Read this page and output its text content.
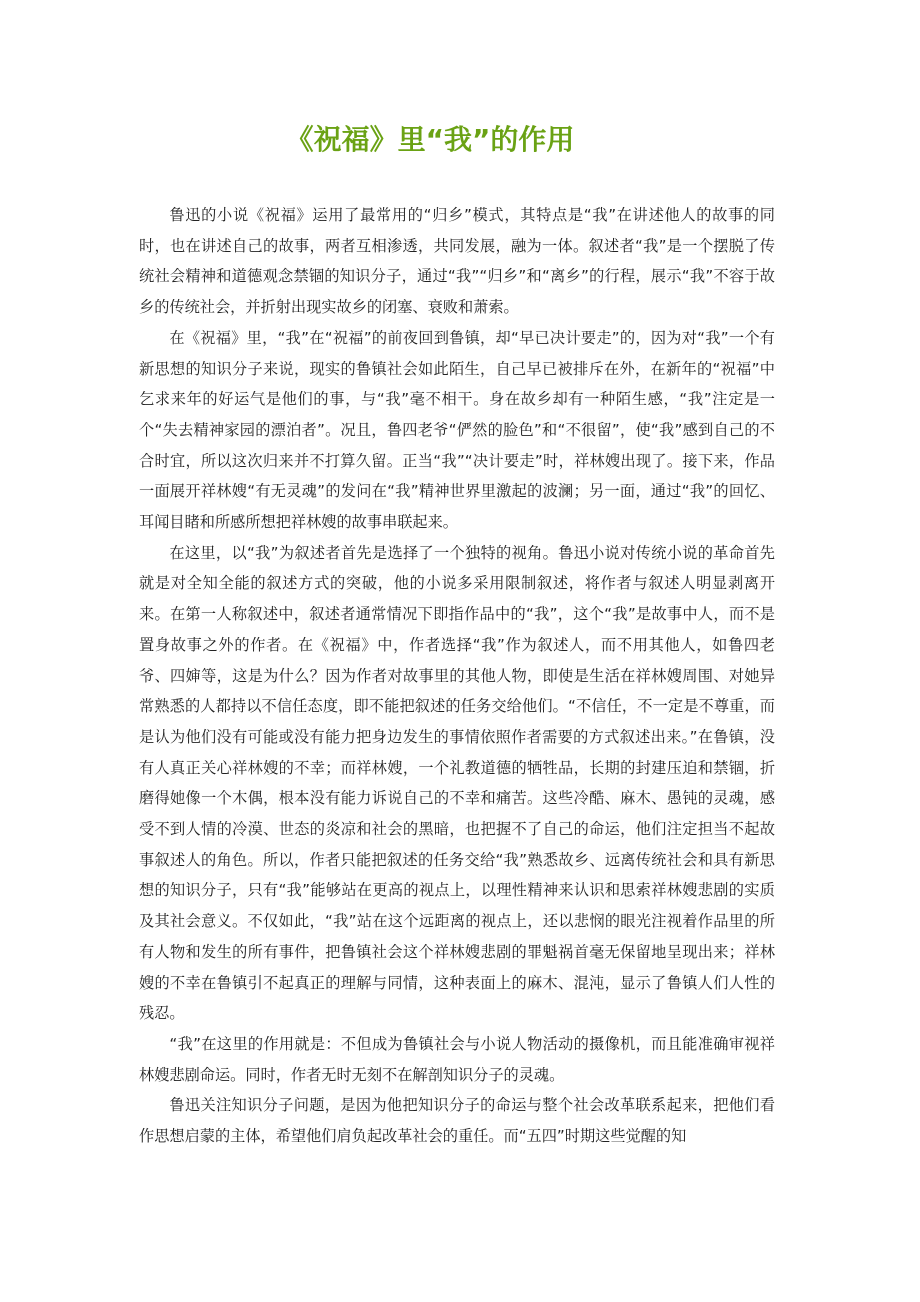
《祝福》里“我”的作用

鲁迅的小说《祝福》运用了最常用的“归乡”模式，其特点是“我”在讲述他人的故事的同时，也在讲述自己的故事，两者互相渗透，共同发展，融为一体。叙述者“我”是一个摆脱了传统社会精神和道德观念禁锢的知识分子，通过“我”“归乡”和“离乡”的行程，展示“我”不容于故乡的传统社会，并折射出现实故乡的闭塞、衰败和萧索。

在《祝福》里，“我”在“祝福”的前夜回到鲁镇，却“早已决计要走”的，因为对“我”一个有新思想的知识分子来说，现实的鲁镇社会如此陌生，自己早已被排斥在外，在新年的“祝福”中乞求来年的好运气是他们的事，与“我”毫不相干。身在故乡却有一种陌生感，“我”注定是一个“失去精神家园的漂泊者”。况且，鲁四老爷“俨然的脸色”和“不很留”，使“我”感到自己的不合时宜，所以这次归来并不打算久留。正当“我”“决计要走”时，祥林嫂出现了。接下来，作品一面展开祥林嫂“有无灵魂”的发问在“我”精神世界里激起的波澜；另一面，通过“我”的回忆、耳闻目睹和所感所想把祥林嫂的故事串联起来。

在这里，以“我”为叙述者首先是选择了一个独特的视角。鲁迅小说对传统小说的革命首先就是对全知全能的叙述方式的突破，他的小说多采用限制叙述，将作者与叙述人明显剥离开来。在第一人称叙述中，叙述者通常情况下即指作品中的“我”，这个“我”是故事中人，而不是置身故事之外的作者。在《祝福》中，作者选择“我”作为叙述人，而不用其他人，如鲁四老爷、四婶等，这是为什么？因为作者对故事里的其他人物，即使是生活在祥林嫂周围、对她异常熟悉的人都持以不信任态度，即不能把叙述的任务交给他们。“不信任，不一定是不尊重，而是认为他们没有可能或没有能力把身边发生的事情依照作者需要的方式叙述出来。”在鲁镇，没有人真正关心祥林嫂的不幸；而祥林嫂，一个礼教道德的牺牲品，长期的封建压迫和禁锢，折磨得她像一个木偶，根本没有能力诉说自己的不幸和痛苦。这些冷酷、麻木、愚钝的灵魂，感受不到人情的冷漠、世态的炎凉和社会的黑暗，也把握不了自己的命运，他们注定担当不起故事叙述人的角色。所以，作者只能把叙述的任务交给“我”熟悉故乡、远离传统社会和具有新思想的知识分子，只有“我”能够站在更高的视点上，以理性精神来认识和思索祥林嫂悲剧的实质及其社会意义。不仅如此，“我”站在这个远距离的视点上，还以悲悯的眼光注视着作品里的所有人物和发生的所有事件，把鲁镇社会这个祥林嫂悲剧的罪魁祸首毫无保留地呈现出来；祥林嫂的不幸在鲁镇引不起真正的理解与同情，这种表面上的麻木、混沌，显示了鲁镇人们人性的残忍。

“我”在这里的作用就是：不但成为鲁镇社会与小说人物活动的摄像机，而且能准确审视祥林嫂悲剧命运。同时，作者无时无刻不在解剖知识分子的灵魂。

鲁迅关注知识分子问题，是因为他把知识分子的命运与整个社会改革联系起来，把他们看作思想启蒙的主体，希望他们肩负起改革社会的重任。而“五四”时期这些觉醒的知
